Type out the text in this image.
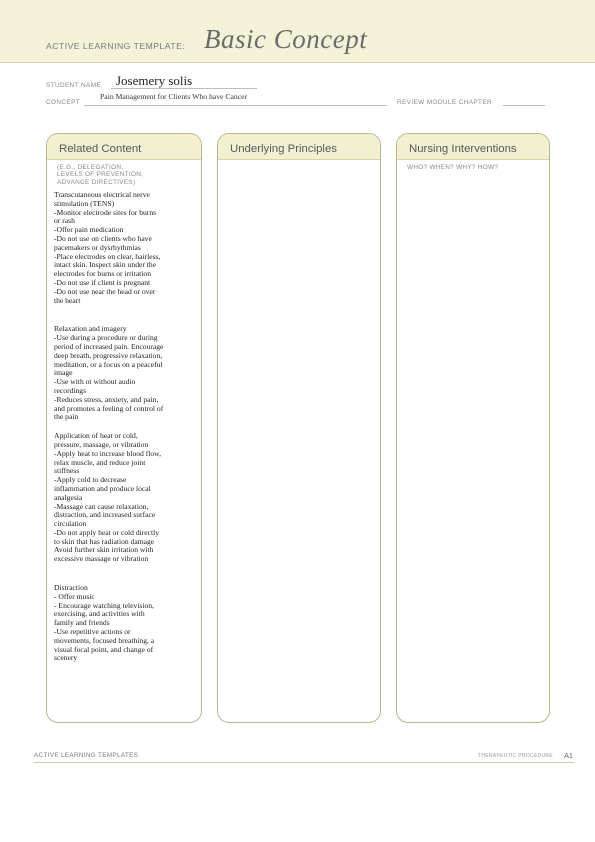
ACTIVE LEARNING TEMPLATE: Basic Concept
STUDENT NAME Josemery solis
CONCEPT
Pain Management for Clients Who have Cancer
REVIEW MODULE CHAPTER
Related Content
(E.G., DELEGATION,
LEVELS OF PREVENTION,
ADVANCE DIRECTIVES)
Underlying Principles	Nursing Interventions
WHO? WHEN? WHY? HOW?
Transcutaneous electrical nerve
stimulation (TENS)
-Monitor electrode sites for burns
or rash
-Offer pain medication
-Do not use on clients who have
pacemakers or dysrhythmias
-Place electrodes on clear, hairless,
intact skin. Inspect skin under the
electrodes for burns or irritation
-Do not use if client is pregnant
-Do not use near the head or over
the heart
Relaxation and imagery
-Use during a procedure or during
period of increased pain. Encourage
deep breath, progressive relaxation,
meditation, or a focus on a peaceful
image
-Use with ot without audio
recordings
-Reduces stress, anxiety, and pain,
and promotes a feeling of control of
the pain
Application of heat or cold,
pressure, massage, or vibration
-Apply heat to increase blood flow,
relax muscle, and reduce joint
stiffness
-Apply cold to decrease
inflammation and produce local
analgesia
-Massage can cause relaxation,
distraction, and increased surface
circulation
-Do not apply heat or cold directly
to skin that has radiation damage
Avoid further skin irritation with
excessive massage or vibration
Distraction
- Offer music
- Encourage watching television,
exercising, and activities with
family and friends
-Use repetitive actions or
movements, focused breathing, a
visual focal point, and change of
scenery
ACTIVE LEARNING TEMPLATES	THERAPEUTIC PROCEDURE A1
